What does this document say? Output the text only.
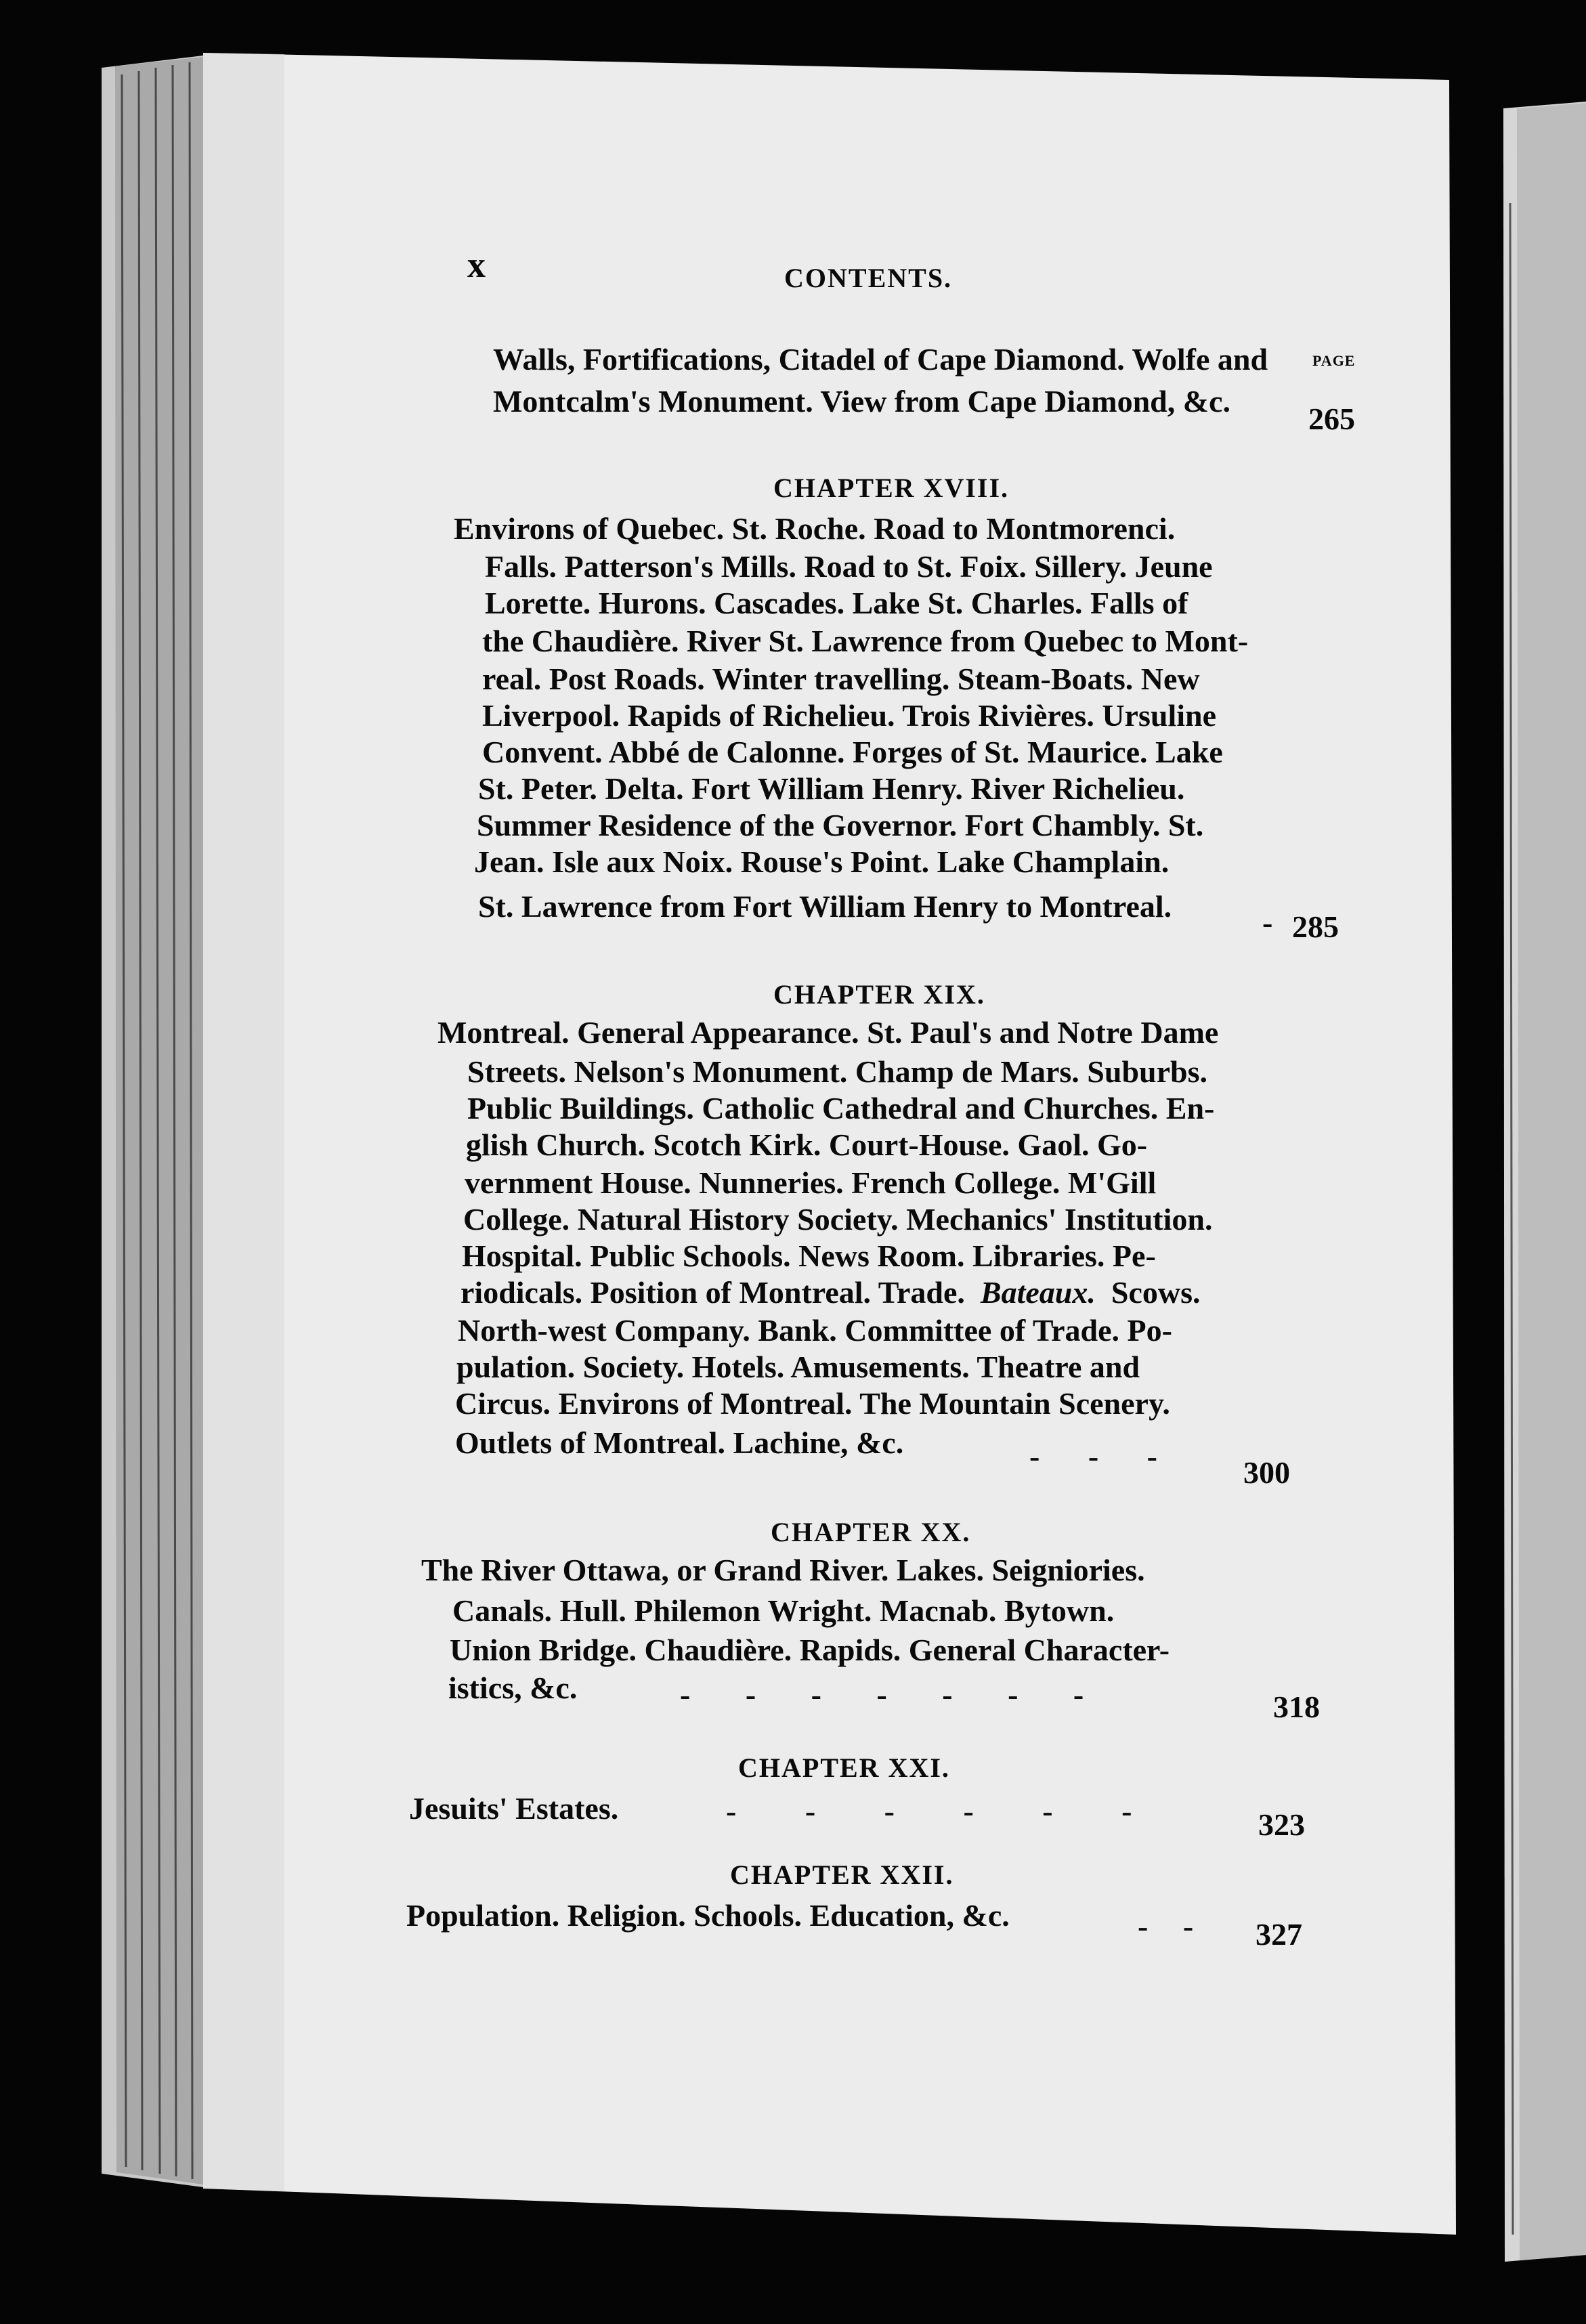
x	CONTENTS.
PAGE
Walls, Fortifications, Citadel of Cape Diamond. Wolfe and
Montcalm's Monument. View from Cape Diamond, &c.
265
CHAPTER XVIII.
Environs of Quebec. St. Roche. Road to Montmorenci.
Falls. Patterson's Mills. Road to St. Foix. Sillery. Jeune
Lorette. Hurons. Cascades. Lake St. Charles. Falls of
the Chaudière. River St. Lawrence from Quebec to Mont-
real. Post Roads. Winter travelling. Steam-Boats. New
Liverpool. Rapids of Richelieu. Trois Rivières. Ursuline
Convent. Abbé de Calonne. Forges of St. Maurice. Lake
St. Peter. Delta. Fort William Henry. River Richelieu.
Summer Residence of the Governor. Fort Chambly. St.
Jean. Isle aux Noix. Rouse's Point. Lake Champlain.
St. Lawrence from Fort William Henry to Montreal.	- 285
CHAPTER XIX.
Montreal. General Appearance. St. Paul's and Notre Dame
Streets. Nelson's Monument. Champ de Mars. Suburbs.
Public Buildings. Catholic Cathedral and Churches. En-
glish Church. Scotch Kirk. Court-House. Gaol. Go-
vernment House. Nunneries. French College. M'Gill
College. Natural History Society. Mechanics' Institution.
Hospital. Public Schools. News Room. Libraries. Pe-
riodicals. Position of Montreal. Trade. Bateaux. Scows.
North-west Company. Bank. Committee of Trade. Po-
pulation. Society. Hotels. Amusements. Theatre and
Circus. Environs of Montreal. The Mountain Scenery.
Outlets of Montreal. Lachine, &c.	- - -	300
CHAPTER XX.
The River Ottawa, or Grand River. Lakes. Seigniories.
Canals. Hull. Philemon Wright. Macnab. Bytown.
Union Bridge. Chaudière. Rapids. General Character-
istics, &c.	- - - - - - -	318
CHAPTER XXI.
Jesuits' Estates.	- - - - - -	323
CHAPTER XXII.
Population. Religion. Schools. Education, &c.	- - 327
